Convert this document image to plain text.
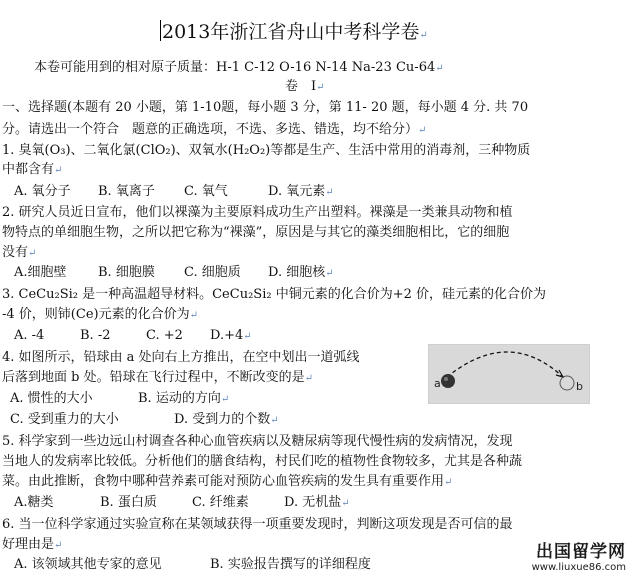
2013年浙江省舟山中考科学卷↵
本卷可能用到的相对原子质量：H-1 C-12 O-16 N-14 Na-23 Cu-64↵
卷　I↵
一、选择题(本题有 20 小题，第 1-10题，每小题 3 分，第 11- 20 题，每小题 4 分. 共 70
分。请选出一个符合　题意的正确选项，不选、多选、错选，均不给分）↵
1. 臭氧(O₃)、二氧化氯(ClO₂)、双氧水(H₂O₂)等都是生产、生活中常用的消毒剂，三种物质
中都含有↵
A. 氧分子 B. 氧离子 C. 氧气	D. 氧元素↵
2. 研究人员近日宣布，他们以裸藻为主要原料成功生产出塑料。裸藻是一类兼具动物和植
物特点的单细胞生物，之所以把它称为“裸藻”，原因是与其它的藻类细胞相比，它的细胞
没有↵
A.细胞壁 B. 细胞膜 C. 细胞质 D. 细胞核↵
3. CeCu₂Si₂ 是一种高温超导材料。CeCu₂Si₂ 中铜元素的化合价为+2 价，硅元素的化合价为
-4 价，则铈(Ce)元素的化合价为↵
A. -4	B. -2	C. +2 D.+4↵
4. 如图所示，铅球由 a 处向右上方推出，在空中划出一道弧线
后落到地面 b 处。铅球在飞行过程中，不断改变的是↵
A. 惯性的大小	B. 运动的方向↵
C. 受到重力的大小	D. 受到力的个数↵
a	b
5. 科学家到一些边远山村调查各种心血管疾病以及糖尿病等现代慢性病的发病情况，发现
当地人的发病率比较低。分析他们的膳食结构，村民们吃的植物性食物较多，尤其是各种蔬
菜。由此推断，食物中哪种营养素可能对预防心血管疾病的发生具有重要作用↵
A.糖类	B. 蛋白质	C. 纤维素	D. 无机盐↵
6. 当一位科学家通过实验宣称在某领域获得一项重要发现时，判断这项发现是否可信的最
好理由是↵
A. 该领域其他专家的意见	B. 实验报告撰写的详细程度
出国留学网
www.liuxue86.com
